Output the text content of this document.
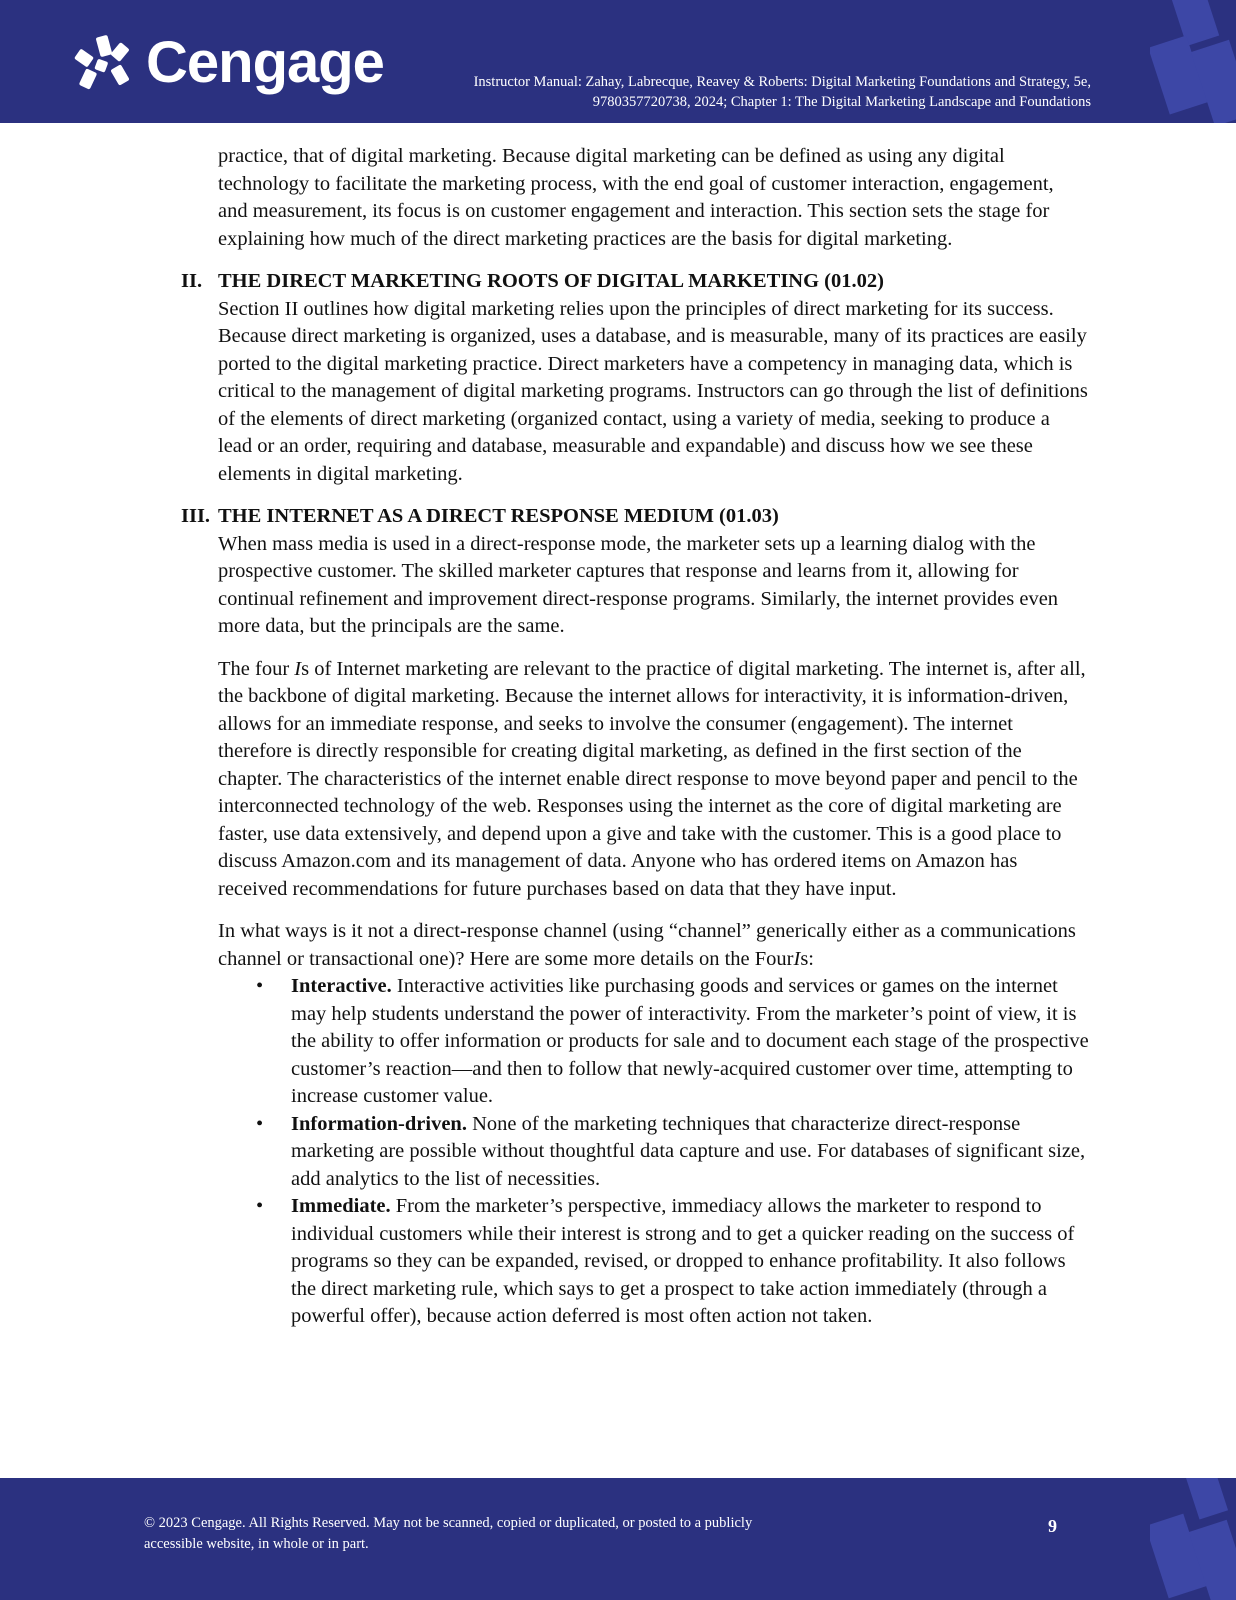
Cengage	Instructor Manual: Zahay, Labrecque, Reavey & Roberts: Digital Marketing Foundations and Strategy, 5e,
9780357720738, 2024; Chapter 1: The Digital Marketing Landscape and Foundations

practice, that of digital marketing. Because digital marketing can be defined as using any digital technology to facilitate the marketing process, with the end goal of customer interaction, engagement, and measurement, its focus is on customer engagement and interaction. This section sets the stage for explaining how much of the direct marketing practices are the basis for digital marketing.

II. THE DIRECT MARKETING ROOTS OF DIGITAL MARKETING (01.02)

Section II outlines how digital marketing relies upon the principles of direct marketing for its success. Because direct marketing is organized, uses a database, and is measurable, many of its practices are easily ported to the digital marketing practice. Direct marketers have a competency in managing data, which is critical to the management of digital marketing programs. Instructors can go through the list of definitions of the elements of direct marketing (organized contact, using a variety of media, seeking to produce a lead or an order, requiring and database, measurable and expandable) and discuss how we see these elements in digital marketing.

III. THE INTERNET AS A DIRECT RESPONSE MEDIUM (01.03)

When mass media is used in a direct-response mode, the marketer sets up a learning dialog with the prospective customer. The skilled marketer captures that response and learns from it, allowing for continual refinement and improvement direct-response programs. Similarly, the internet provides even more data, but the principals are the same.

The four Is of Internet marketing are relevant to the practice of digital marketing. The internet is, after all, the backbone of digital marketing. Because the internet allows for interactivity, it is information-driven, allows for an immediate response, and seeks to involve the consumer (engagement). The internet therefore is directly responsible for creating digital marketing, as defined in the first section of the chapter. The characteristics of the internet enable direct response to move beyond paper and pencil to the interconnected technology of the web. Responses using the internet as the core of digital marketing are faster, use data extensively, and depend upon a give and take with the customer. This is a good place to discuss Amazon.com and its management of data. Anyone who has ordered items on Amazon has received recommendations for future purchases based on data that they have input.

In what ways is it not a direct-response channel (using “channel” generically either as a communications channel or transactional one)? Here are some more details on the FourIs:

• Interactive. Interactive activities like purchasing goods and services or games on the internet may help students understand the power of interactivity. From the marketer’s point of view, it is the ability to offer information or products for sale and to document each stage of the prospective customer’s reaction—and then to follow that newly-acquired customer over time, attempting to increase customer value.
• Information-driven. None of the marketing techniques that characterize direct-response marketing are possible without thoughtful data capture and use. For databases of significant size, add analytics to the list of necessities.
• Immediate. From the marketer’s perspective, immediacy allows the marketer to respond to individual customers while their interest is strong and to get a quicker reading on the success of programs so they can be expanded, revised, or dropped to enhance profitability. It also follows the direct marketing rule, which says to get a prospect to take action immediately (through a powerful offer), because action deferred is most often action not taken.
© 2023 Cengage. All Rights Reserved. May not be scanned, copied or duplicated, or posted to a publicly
accessible website, in whole or in part.
9
